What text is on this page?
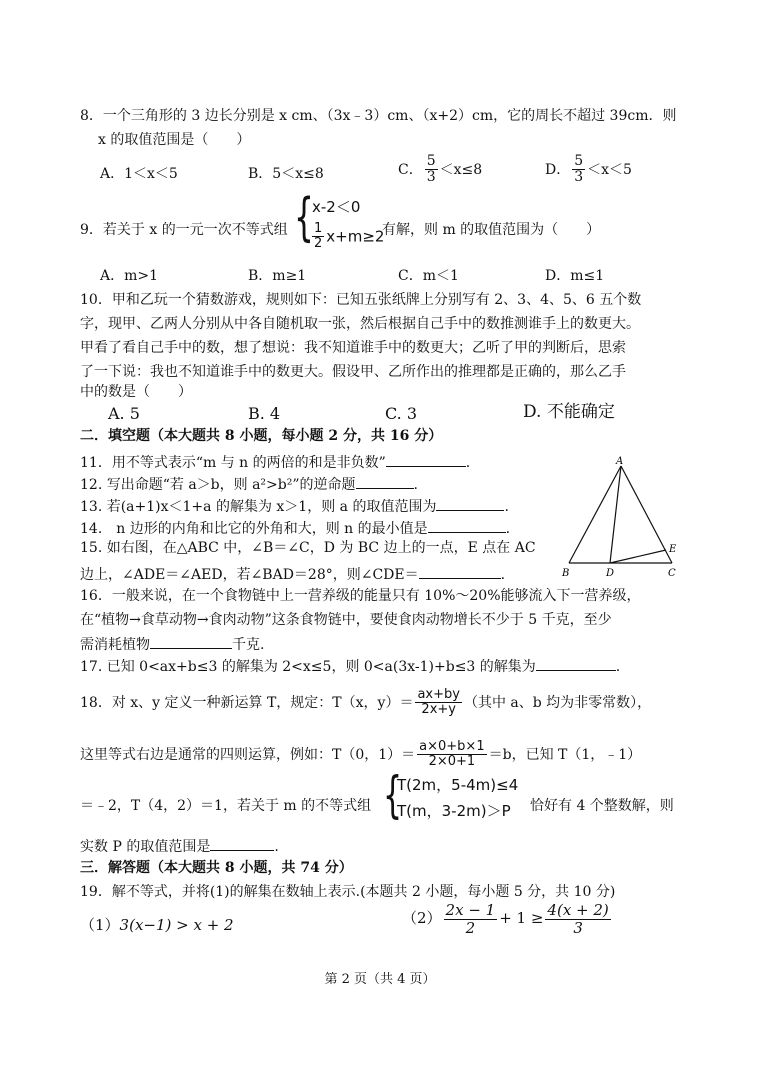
8．一个三角形的 3 边长分别是 x cm、（3x﹣3）cm、（x+2）cm，它的周长不超过 39cm．则
x 的取值范围是（　　）
A．1＜x＜5	B．5＜x≤8	C． $\frac{5}{3} <x\le 8$	D． $\frac{5}{3} <x<5$
9．若关于 x 的一元一次不等式组 {
x-2＜0
$\frac{1}{2} x+m\ge 2$
有解，则 m 的取值范围为（　　）
A．m>1	B．m≥1	C．m＜1	D．m≤1
10．甲和乙玩一个猜数游戏，规则如下：已知五张纸牌上分别写有 2、3、4、5、6 五个数
字，现甲、乙两人分别从中各自随机取一张，然后根据自己手中的数推测谁手上的数更大。
甲看了看自己手中的数，想了想说：我不知道谁手中的数更大；乙听了甲的判断后，思索
了一下说：我也不知道谁手中的数更大。假设甲、乙所作出的推理都是正确的，那么乙手
中的数是（　　）
A. 5	B. 4	C. 3	D. 不能确定
二．填空题（本大题共 8 小题，每小题 2 分，共 16 分）
11．用不等式表示“m 与 n 的两倍的和是非负数”	.
12. 写出命题“若 a＞b，则 a²>b²”的逆命题	.
13. 若(a+1)x＜1+a 的解集为 x＞1，则 a 的取值范围为	.
14.　n 边形的内角和比它的外角和大，则 n 的最小值是	.
15. 如右图，在△ABC 中，∠B＝∠C，D 为 BC 边上的一点，E 点在 AC
边上，∠ADE＝∠AED，若∠BAD＝28°，则∠CDE＝	.
A
B	D	C
E
16．一般来说，在一个食物链中上一营养级的能量只有 10%～20%能够流入下一营养级，
在“植物→食草动物→食肉动物”这条食物链中，要使食肉动物增长不少于 5 千克，至少
需消耗植物	千克.
17. 已知 0<ax+b≤3 的解集为 2<x≤5，则 0<a(3x-1)+b≤3 的解集为	.
18．对 x、y 定义一种新运算 T，规定：T（x，$y)= \frac{ax+by}{2x+y}$ （其中 a、b 均为非零常数），
这里等式右边是通常的四则运算，例如：T（0，$1)= \frac{a\times 0+b\times 1}{2\times 0+1} =b$，已知 T（1，﹣1）
＝﹣2，T（4，2）＝1，若关于 m 的不等式组 {
T(2m，5-4m)≤4
T(m，3-2m)＞P 恰好有 4 个整数解，则
实数 P 的取值范围是	.
三．解答题（本大题共 8 小题，共 74 分）
19．解不等式，并将(1)的解集在数轴上表示.(本题共 2 小题，每小题 5 分，共 10 分)
（1）3(x−1) > x + 2	$(2) \frac{2x - 1}{2} + 1 \ge \frac{4(x + 2)}{3}$
第 2 页（共 4 页）
